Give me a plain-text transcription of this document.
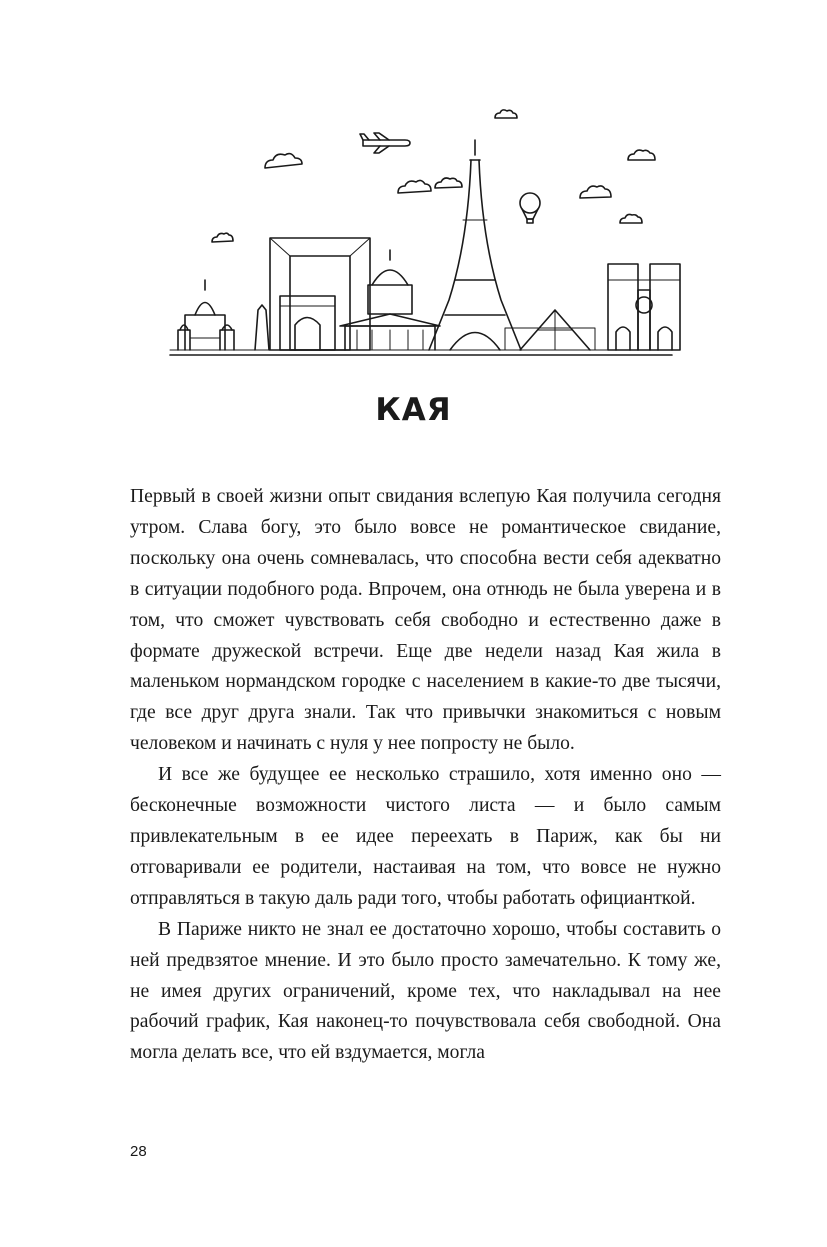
КАЯ

Первый в своей жизни опыт свидания вслепую Кая получила сегодня утром. Слава богу, это было вовсе не романтическое свидание, поскольку она очень сомневалась, что способна вести себя адекватно в ситуации подобного рода. Впрочем, она отнюдь не была уверена и в том, что сможет чувствовать себя свободно и естественно даже в формате дружеской встречи. Еще две недели назад Кая жила в маленьком нормандском городке с населением в какие-то две тысячи, где все друг друга знали. Так что привычки знакомиться с новым человеком и начинать с нуля у нее попросту не было.

И все же будущее ее несколько страшило, хотя именно оно — бесконечные возможности чистого листа — и было самым привлекательным в ее идее переехать в Париж, как бы ни отговаривали ее родители, настаивая на том, что вовсе не нужно отправляться в такую даль ради того, чтобы работать официанткой.

В Париже никто не знал ее достаточно хорошо, чтобы составить о ней предвзятое мнение. И это было просто замечательно. К тому же, не имея других ограничений, кроме тех, что накладывал на нее рабочий график, Кая наконец-то почувствовала себя свободной. Она могла делать все, что ей вздумается, могла

28
